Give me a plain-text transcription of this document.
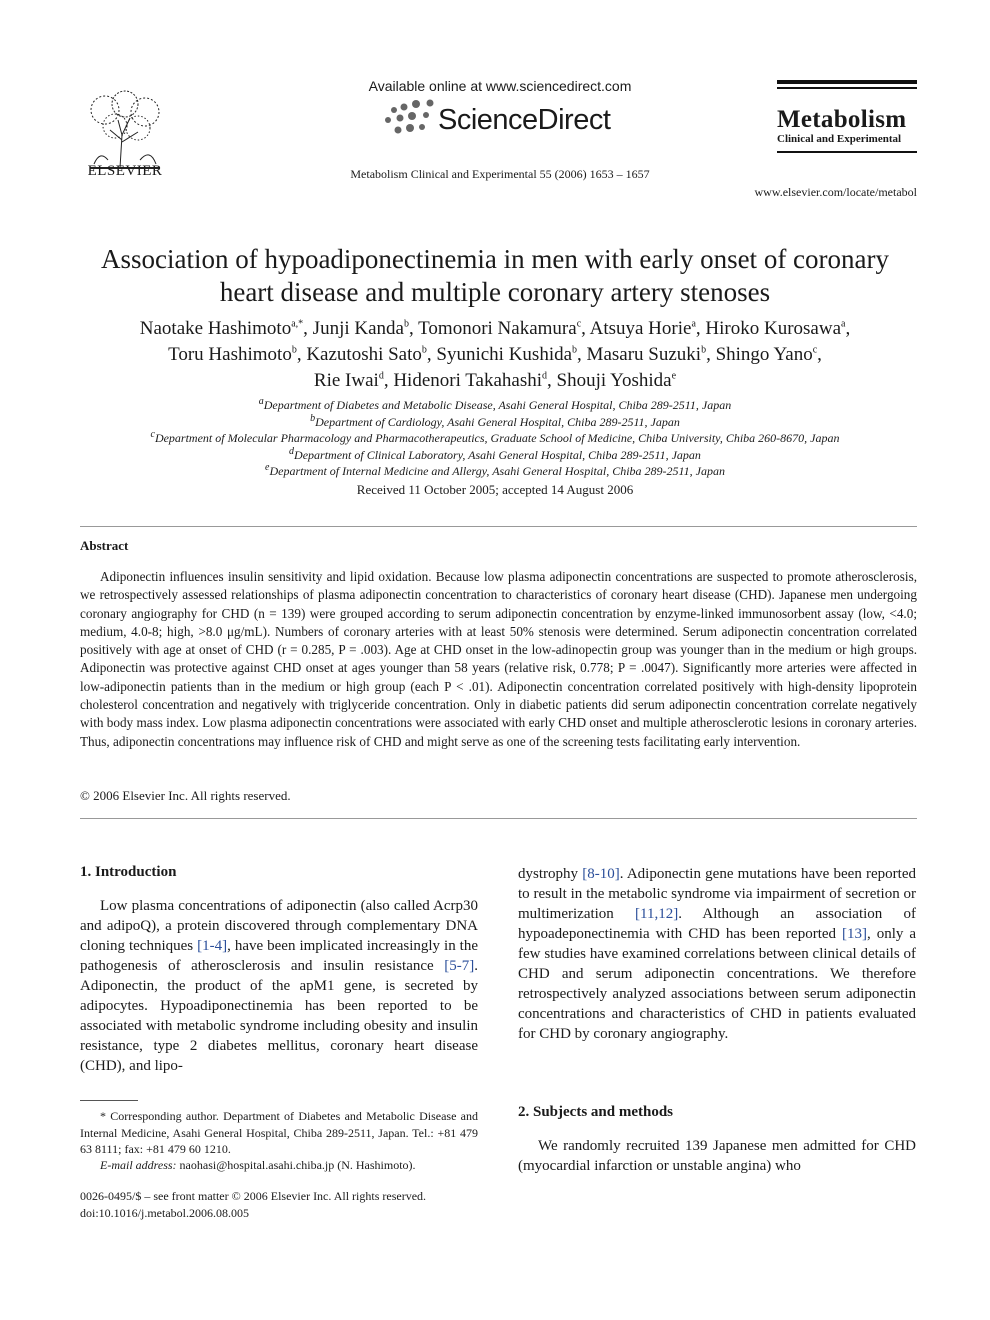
ELSEVIER
Available online at www.sciencedirect.com
ScienceDirect
Metabolism Clinical and Experimental 55 (2006) 1653 – 1657
Metabolism
Clinical and Experimental
www.elsevier.com/locate/metabol
Association of hypoadiponectinemia in men with early onset of coronary
heart disease and multiple coronary artery stenoses
Naotake Hashimoto$^{a,*}$, Junji Kanda$^b$, Tomonori Nakamura$^c$, Atsuya Horie$^a$, Hiroko Kurosawa$^a$,
Toru Hashimoto$^b$, Kazutoshi Sato$^b$, Syunichi Kushida$^b$, Masaru Suzuki$^b$, Shingo Yano$^c$,
Rie Iwai$^d$, Hidenori Takahashi$^d$, Shouji Yoshida$^e$
$^a$Department of Diabetes and Metabolic Disease, Asahi General Hospital, Chiba 289-2511, Japan
$^b$Department of Cardiology, Asahi General Hospital, Chiba 289-2511, Japan
$^c$Department of Molecular Pharmacology and Pharmacotherapeutics, Graduate School of Medicine, Chiba University, Chiba 260-8670, Japan
$^d$Department of Clinical Laboratory, Asahi General Hospital, Chiba 289-2511, Japan
$^e$Department of Internal Medicine and Allergy, Asahi General Hospital, Chiba 289-2511, Japan
Received 11 October 2005; accepted 14 August 2006
Abstract
Adiponectin influences insulin sensitivity and lipid oxidation. Because low plasma adiponectin concentrations are suspected to promote atherosclerosis, we retrospectively assessed relationships of plasma adiponectin concentration to characteristics of coronary heart disease (CHD). Japanese men undergoing coronary angiography for CHD (n = 139) were grouped according to serum adiponectin concentration by enzyme-linked immunosorbent assay (low, <4.0; medium, 4.0-8; high, >8.0 μg/mL). Numbers of coronary arteries with at least 50% stenosis were determined. Serum adiponectin concentration correlated positively with age at onset of CHD (r = 0.285, P = .003). Age at CHD onset in the low-adinopectin group was younger than in the medium or high groups. Adiponectin was protective against CHD onset at ages younger than 58 years (relative risk, 0.778; P = .0047). Significantly more arteries were affected in low-adiponectin patients than in the medium or high group (each P < .01). Adiponectin concentration correlated positively with high-density lipoprotein cholesterol concentration and negatively with triglyceride concentration. Only in diabetic patients did serum adiponectin concentration correlate negatively with body mass index. Low plasma adiponectin concentrations were associated with early CHD onset and multiple atherosclerotic lesions in coronary arteries. Thus, adiponectin concentrations may influence risk of CHD and might serve as one of the screening tests facilitating early intervention.
© 2006 Elsevier Inc. All rights reserved.
1. Introduction
Low plasma concentrations of adiponectin (also called Acrp30 and adipoQ), a protein discovered through complementary DNA cloning techniques [1-4], have been implicated increasingly in the pathogenesis of atherosclerosis and insulin resistance [5-7]. Adiponectin, the product of the apM1 gene, is secreted by adipocytes. Hypoadiponectinemia has been reported to be associated with metabolic syndrome including obesity and insulin resistance, type 2 diabetes mellitus, coronary heart disease (CHD), and lipo-
* Corresponding author. Department of Diabetes and Metabolic Disease and Internal Medicine, Asahi General Hospital, Chiba 289-2511, Japan. Tel.: +81 479 63 8111; fax: +81 479 60 1210.
E-mail address: naohasi@hospital.asahi.chiba.jp (N. Hashimoto).
0026-0495/$ – see front matter © 2006 Elsevier Inc. All rights reserved.
doi:10.1016/j.metabol.2006.08.005
dystrophy [8-10]. Adiponectin gene mutations have been reported to result in the metabolic syndrome via impairment of secretion or multimerization [11,12]. Although an association of hypoadeponectinemia with CHD has been reported [13], only a few studies have examined correlations between clinical details of CHD and serum adiponectin concentrations. We therefore retrospectively analyzed associations between serum adiponectin concentrations and characteristics of CHD in patients evaluated for CHD by coronary angiography.
2. Subjects and methods
We randomly recruited 139 Japanese men admitted for CHD (myocardial infarction or unstable angina) who
